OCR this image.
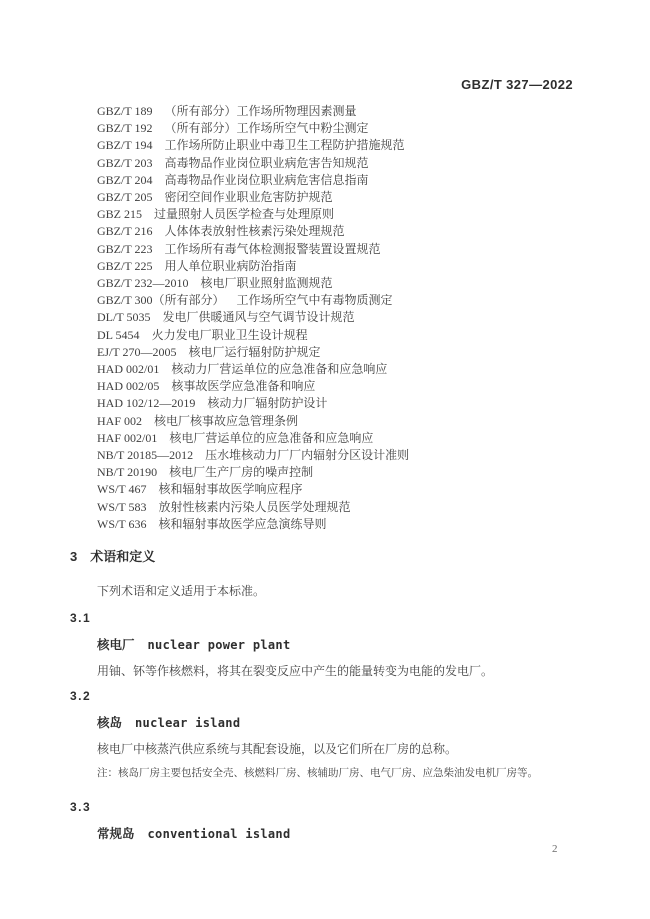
GBZ/T 327—2022
GBZ/T 189 （所有部分）工作场所物理因素测量
GBZ/T 192 （所有部分）工作场所空气中粉尘测定
GBZ/T 194 工作场所防止职业中毒卫生工程防护措施规范
GBZ/T 203 高毒物品作业岗位职业病危害告知规范
GBZ/T 204 高毒物品作业岗位职业病危害信息指南
GBZ/T 205 密闭空间作业职业危害防护规范
GBZ 215 过量照射人员医学检查与处理原则
GBZ/T 216 人体体表放射性核素污染处理规范
GBZ/T 223 工作场所有毒气体检测报警装置设置规范
GBZ/T 225 用人单位职业病防治指南
GBZ/T 232—2010 核电厂职业照射监测规范
GBZ/T 300（所有部分） 工作场所空气中有毒物质测定
DL/T 5035 发电厂供暖通风与空气调节设计规范
DL 5454 火力发电厂职业卫生设计规程
EJ/T 270—2005 核电厂运行辐射防护规定
HAD 002/01 核动力厂营运单位的应急准备和应急响应
HAD 002/05 核事故医学应急准备和响应
HAD 102/12—2019 核动力厂辐射防护设计
HAF 002 核电厂核事故应急管理条例
HAF 002/01 核电厂营运单位的应急准备和应急响应
NB/T 20185—2012 压水堆核动力厂厂内辐射分区设计准则
NB/T 20190 核电厂生产厂房的噪声控制
WS/T 467 核和辐射事故医学响应程序
WS/T 583 放射性核素内污染人员医学处理规范
WS/T 636 核和辐射事故医学应急演练导则
3 术语和定义

下列术语和定义适用于本标准。

3.1
核电厂 nuclear power plant
用铀、钚等作核燃料，将其在裂变反应中产生的能量转变为电能的发电厂。
3.2
核岛 nuclear island
核电厂中核蒸汽供应系统与其配套设施，以及它们所在厂房的总称。
注：核岛厂房主要包括安全壳、核燃料厂房、核辅助厂房、电气厂房、应急柴油发电机厂房等。
3.3
常规岛 conventional island
2
